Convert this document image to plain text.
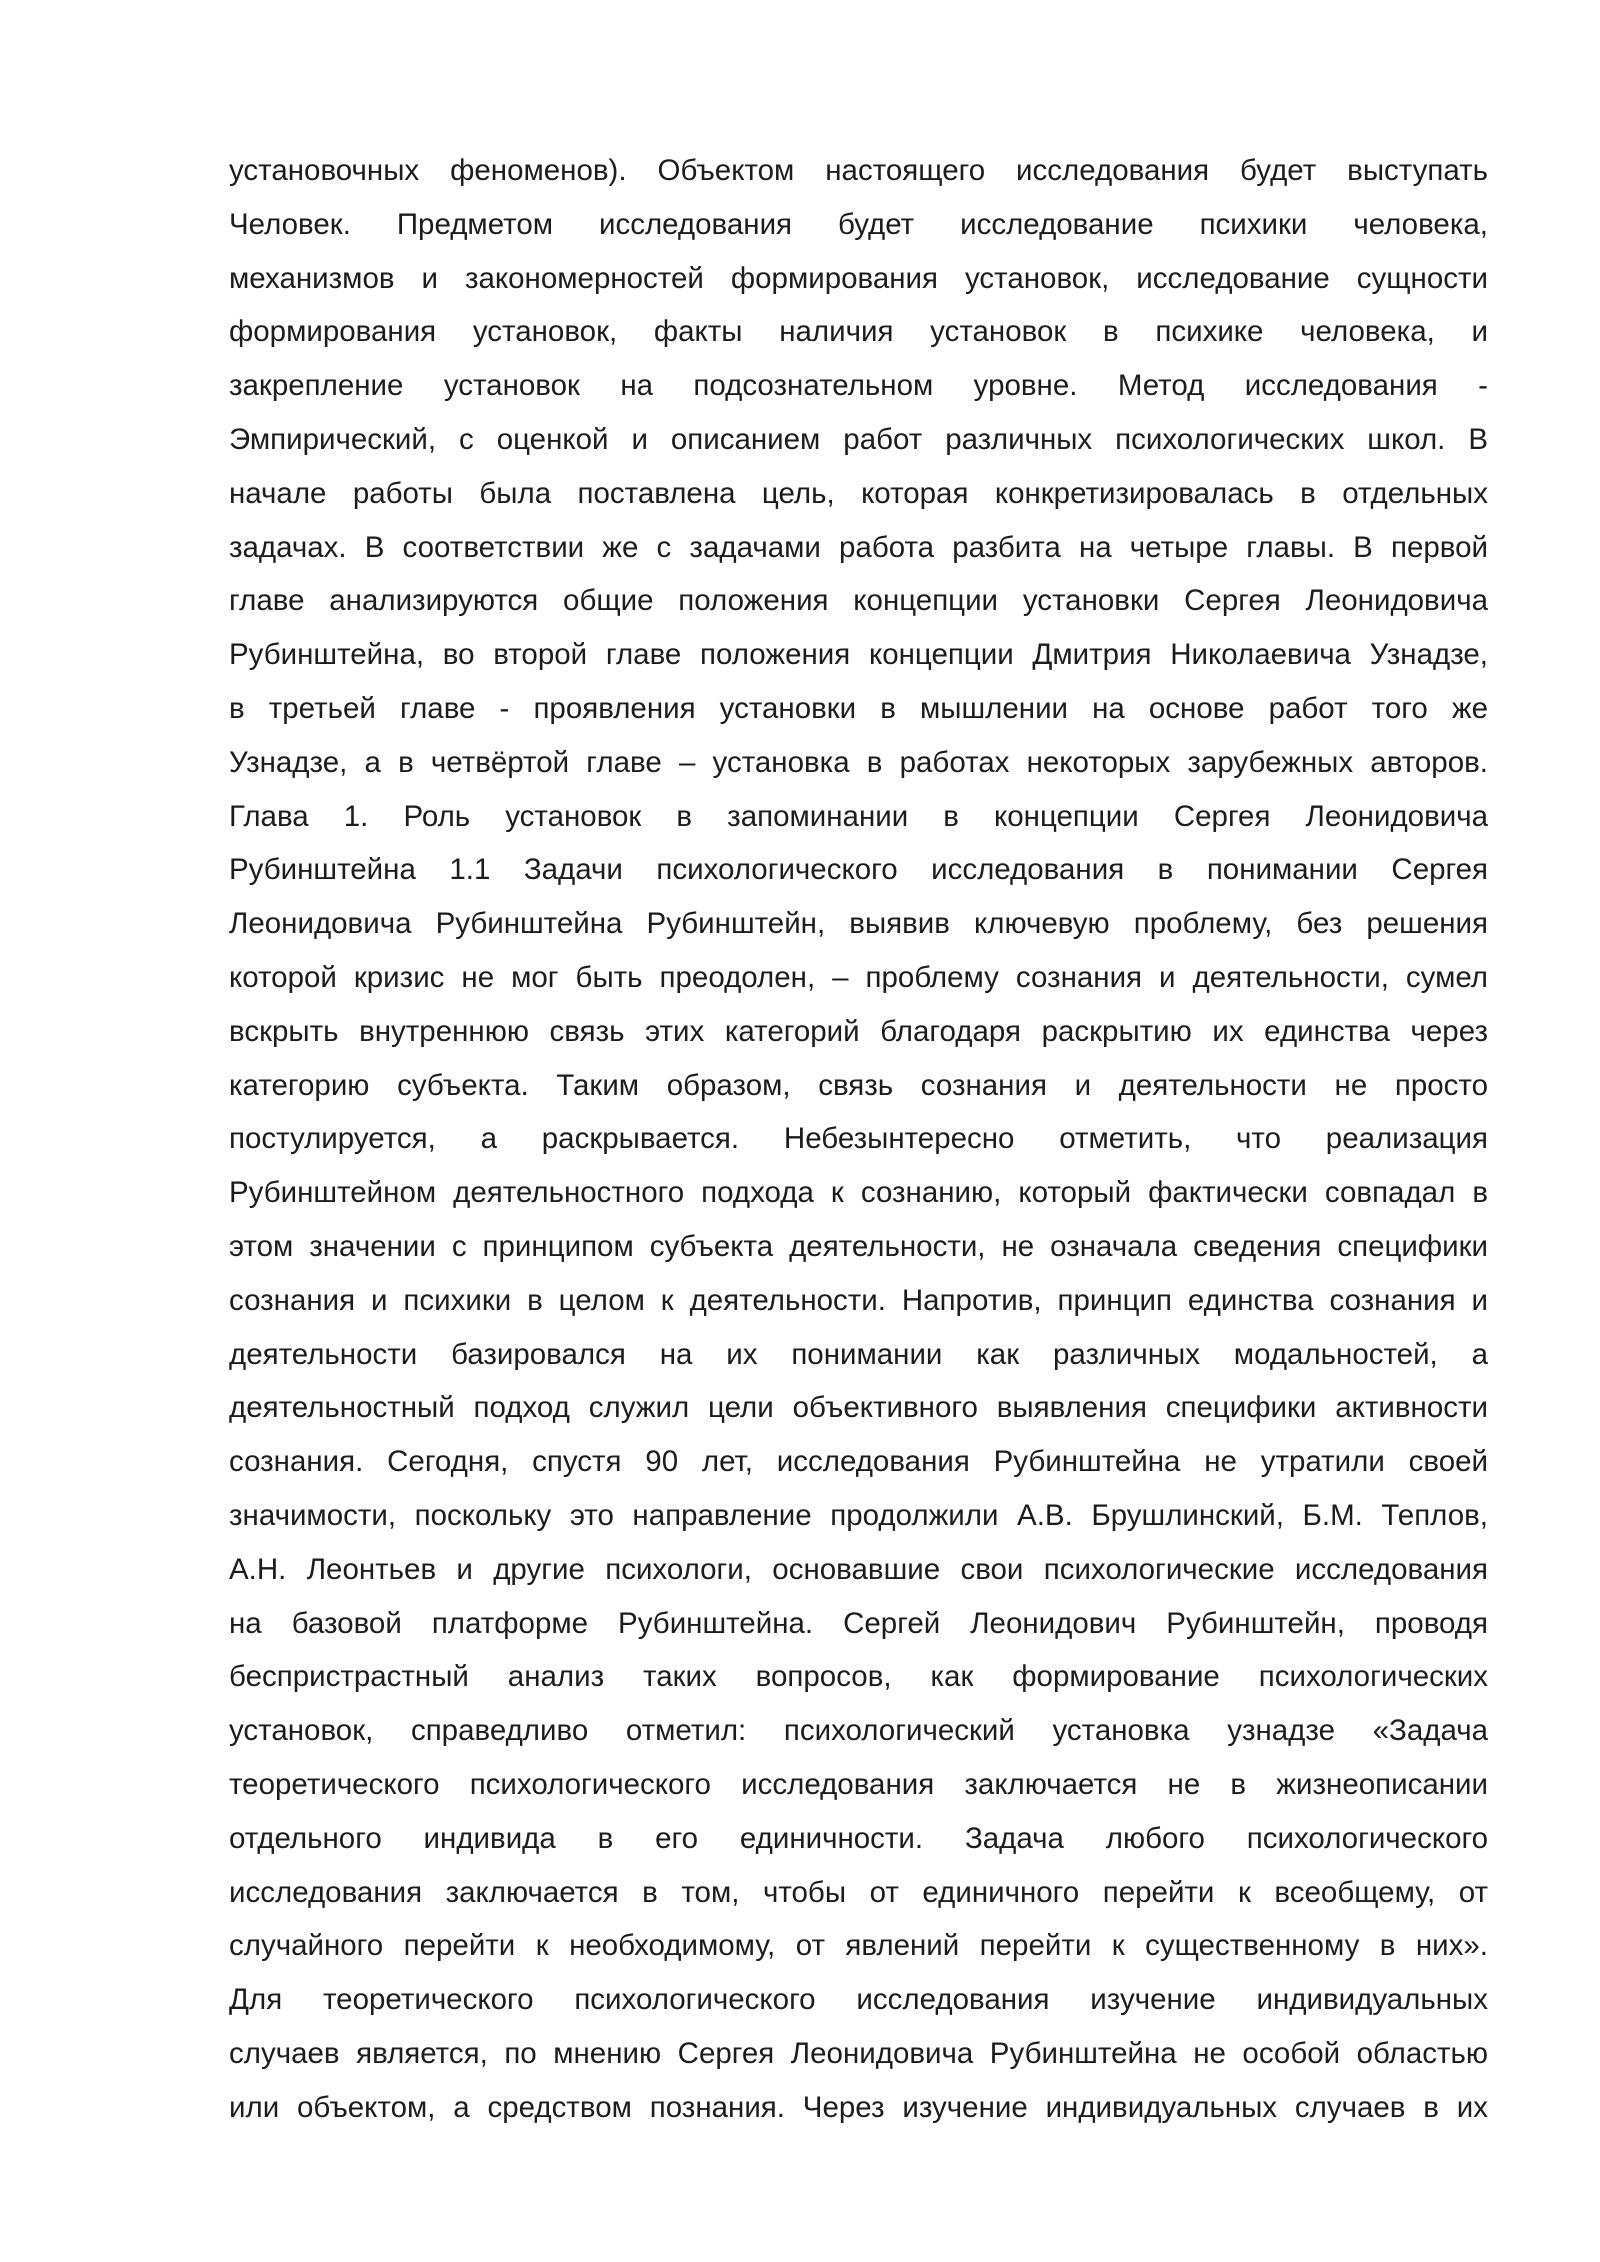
установочных феноменов). Объектом настоящего исследования будет выступать
Человек. Предметом исследования будет исследование психики человека,
механизмов и закономерностей формирования установок, исследование сущности
формирования установок, факты наличия установок в психике человека, и
закрепление установок на подсознательном уровне. Метод исследования -
Эмпирический, с оценкой и описанием работ различных психологических школ. В
начале работы была поставлена цель, которая конкретизировалась в отдельных
задачах. В соответствии же с задачами работа разбита на четыре главы. В первой
главе анализируются общие положения концепции установки Сергея Леонидовича
Рубинштейна, во второй главе положения концепции Дмитрия Николаевича Узнадзе,
в третьей главе - проявления установки в мышлении на основе работ того же
Узнадзе, а в четвёртой главе – установка в работах некоторых зарубежных авторов.
Глава 1. Роль установок в запоминании в концепции Сергея Леонидовича
Рубинштейна 1.1 Задачи психологического исследования в понимании Сергея
Леонидовича Рубинштейна Рубинштейн, выявив ключевую проблему, без решения
которой кризис не мог быть преодолен, – проблему сознания и деятельности, сумел
вскрыть внутреннюю связь этих категорий благодаря раскрытию их единства через
категорию субъекта. Таким образом, связь сознания и деятельности не просто
постулируется, а раскрывается. Небезынтересно отметить, что реализация
Рубинштейном деятельностного подхода к сознанию, который фактически совпадал в
этом значении с принципом субъекта деятельности, не означала сведения специфики
сознания и психики в целом к деятельности. Напротив, принцип единства сознания и
деятельности базировался на их понимании как различных модальностей, а
деятельностный подход служил цели объективного выявления специфики активности
сознания. Сегодня, спустя 90 лет, исследования Рубинштейна не утратили своей
значимости, поскольку это направление продолжили А.В. Брушлинский, Б.М. Теплов,
А.Н. Леонтьев и другие психологи, основавшие свои психологические исследования
на базовой платформе Рубинштейна. Сергей Леонидович Рубинштейн, проводя
беспристрастный анализ таких вопросов, как формирование психологических
установок, справедливо отметил: психологический установка узнадзе «Задача
теоретического психологического исследования заключается не в жизнеописании
отдельного индивида в его единичности. Задача любого психологического
исследования заключается в том, чтобы от единичного перейти к всеобщему, от
случайного перейти к необходимому, от явлений перейти к существенному в них».
Для теоретического психологического исследования изучение индивидуальных
случаев является, по мнению Сергея Леонидовича Рубинштейна не особой областью
или объектом, а средством познания. Через изучение индивидуальных случаев в их
